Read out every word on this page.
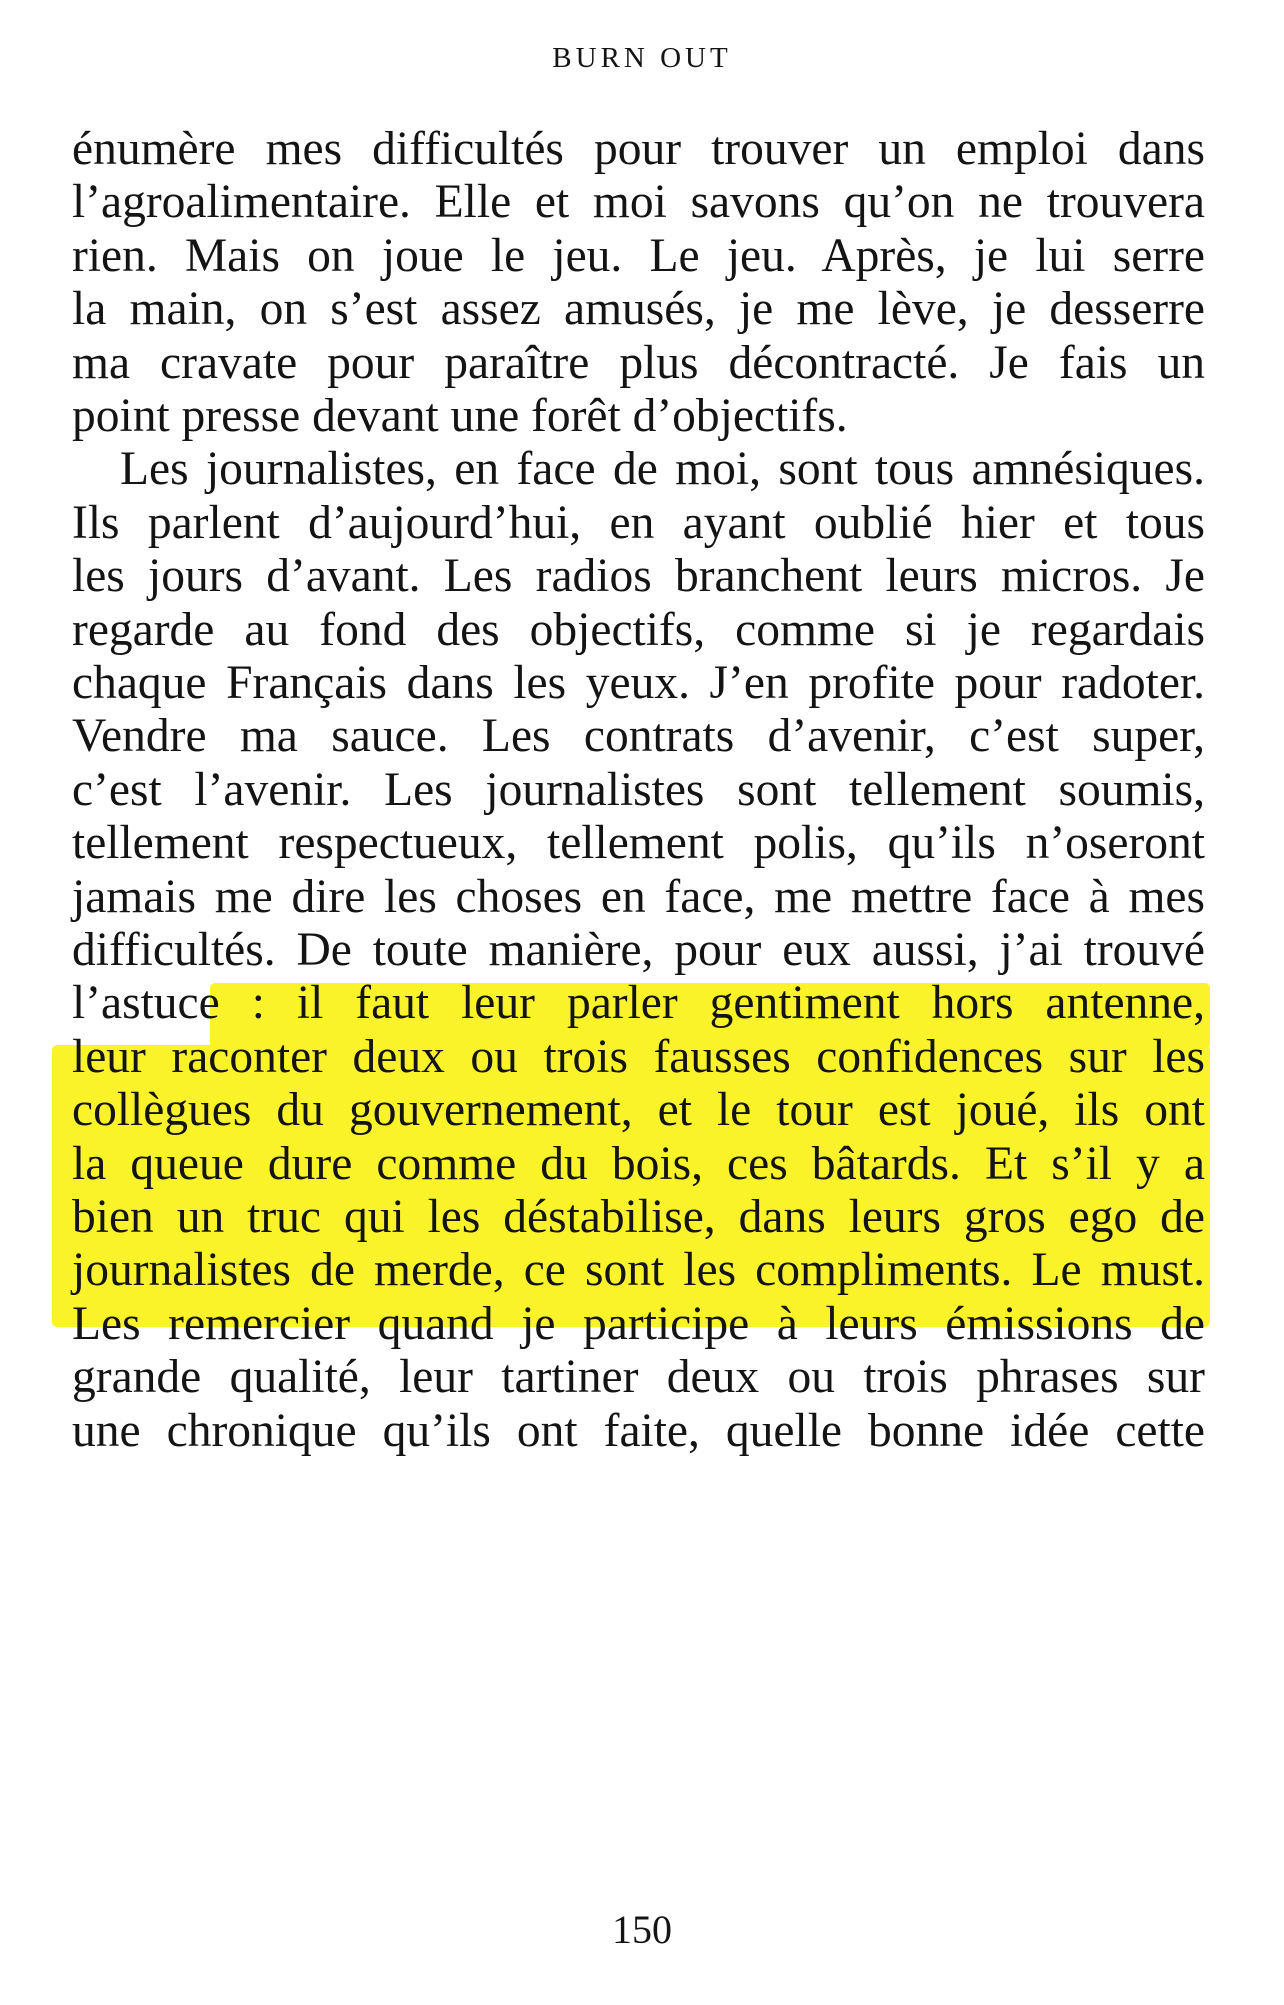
BURN OUT
énumère mes difficultés pour trouver un emploi dans
l’agroalimentaire. Elle et moi savons qu’on ne trouvera
rien. Mais on joue le jeu. Le jeu. Après, je lui serre
la main, on s’est assez amusés, je me lève, je desserre
ma cravate pour paraître plus décontracté. Je fais un
point presse devant une forêt d’objectifs.
Les journalistes, en face de moi, sont tous amnésiques.
Ils parlent d’aujourd’hui, en ayant oublié hier et tous
les jours d’avant. Les radios branchent leurs micros. Je
regarde au fond des objectifs, comme si je regardais
chaque Français dans les yeux. J’en profite pour radoter.
Vendre ma sauce. Les contrats d’avenir, c’est super,
c’est l’avenir. Les journalistes sont tellement soumis,
tellement respectueux, tellement polis, qu’ils n’oseront
jamais me dire les choses en face, me mettre face à mes
difficultés. De toute manière, pour eux aussi, j’ai trouvé
l’astuce : il faut leur parler gentiment hors antenne,
leur raconter deux ou trois fausses confidences sur les
collègues du gouvernement, et le tour est joué, ils ont
la queue dure comme du bois, ces bâtards. Et s’il y a
bien un truc qui les déstabilise, dans leurs gros ego de
journalistes de merde, ce sont les compliments. Le must.
Les remercier quand je participe à leurs émissions de
grande qualité, leur tartiner deux ou trois phrases sur
une chronique qu’ils ont faite, quelle bonne idée cette
150
